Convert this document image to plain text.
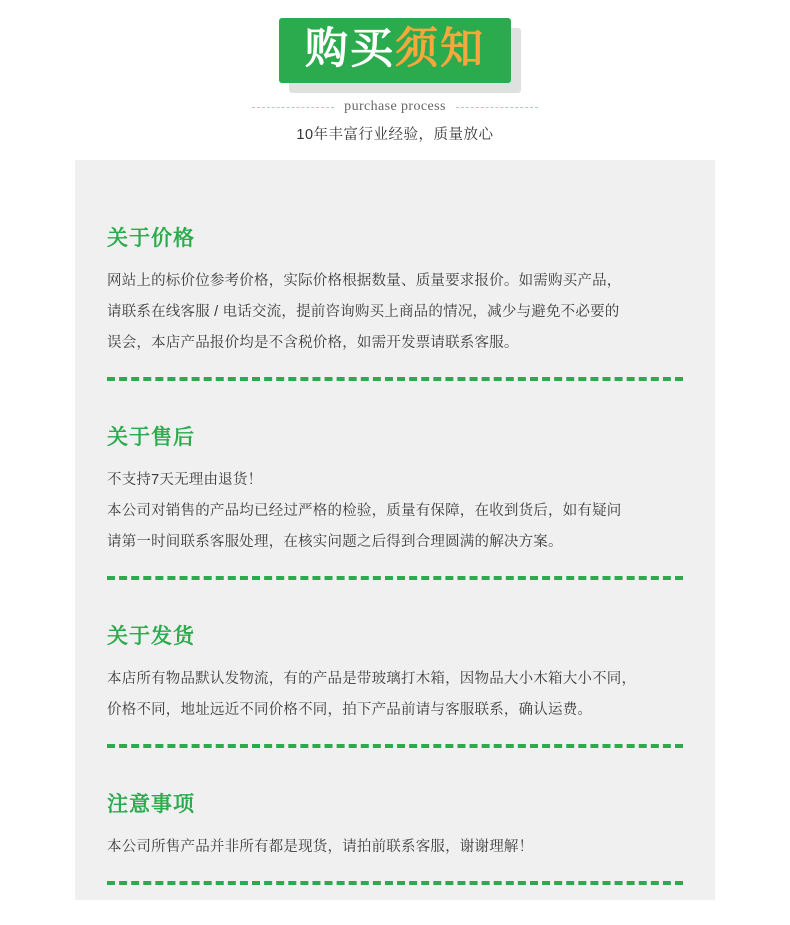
购买须知
purchase process
10年丰富行业经验，质量放心
关于价格
网站上的标价位参考价格，实际价格根据数量、质量要求报价。如需购买产品，
请联系在线客服 / 电话交流，提前咨询购买上商品的情况，减少与避免不必要的
误会，本店产品报价均是不含税价格，如需开发票请联系客服。
关于售后
不支持7天无理由退货！
本公司对销售的产品均已经过严格的检验，质量有保障，在收到货后，如有疑问
请第一时间联系客服处理，在核实问题之后得到合理圆满的解决方案。
关于发货
本店所有物品默认发物流，有的产品是带玻璃打木箱，因物品大小木箱大小不同，
价格不同，地址远近不同价格不同，拍下产品前请与客服联系，确认运费。
注意事项
本公司所售产品并非所有都是现货，请拍前联系客服，谢谢理解！
